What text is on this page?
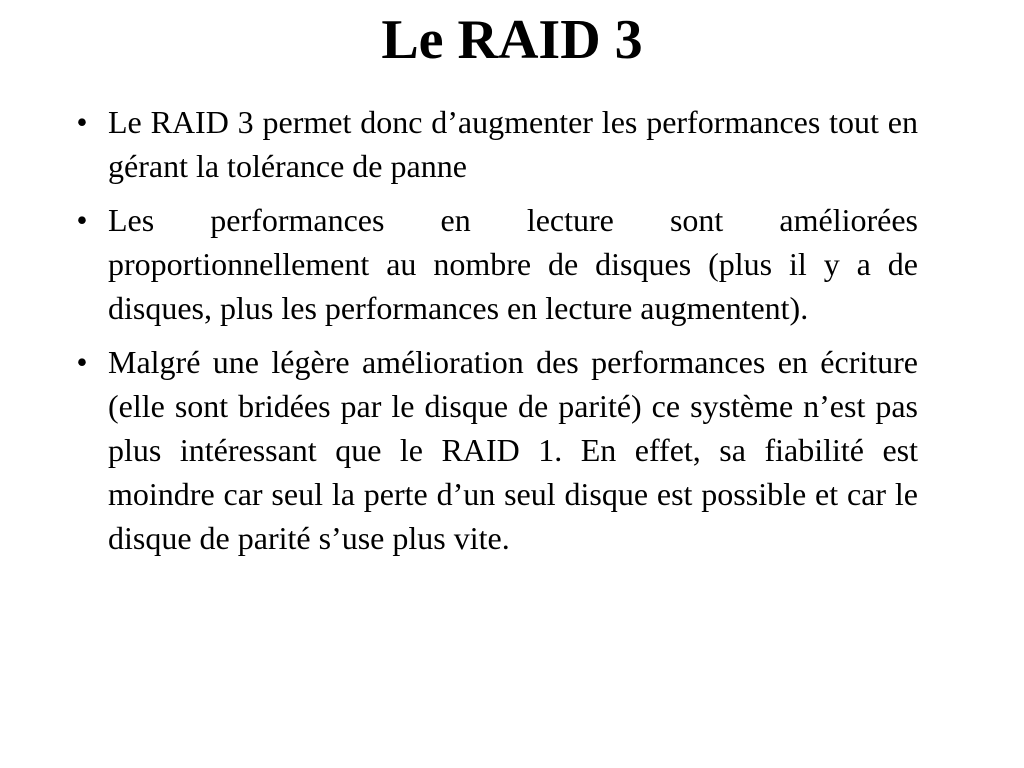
Le RAID 3
• Le RAID 3 permet donc d’augmenter les performances tout en gérant la tolérance de panne
• Les performances en lecture sont améliorées proportionnellement au nombre de disques (plus il y a de disques, plus les performances en lecture augmentent).
• Malgré une légère amélioration des performances en écriture (elle sont bridées par le disque de parité) ce système n’est pas plus intéressant que le RAID 1. En effet, sa fiabilité est moindre car seul la perte d’un seul disque est possible et car le disque de parité s’use plus vite.
